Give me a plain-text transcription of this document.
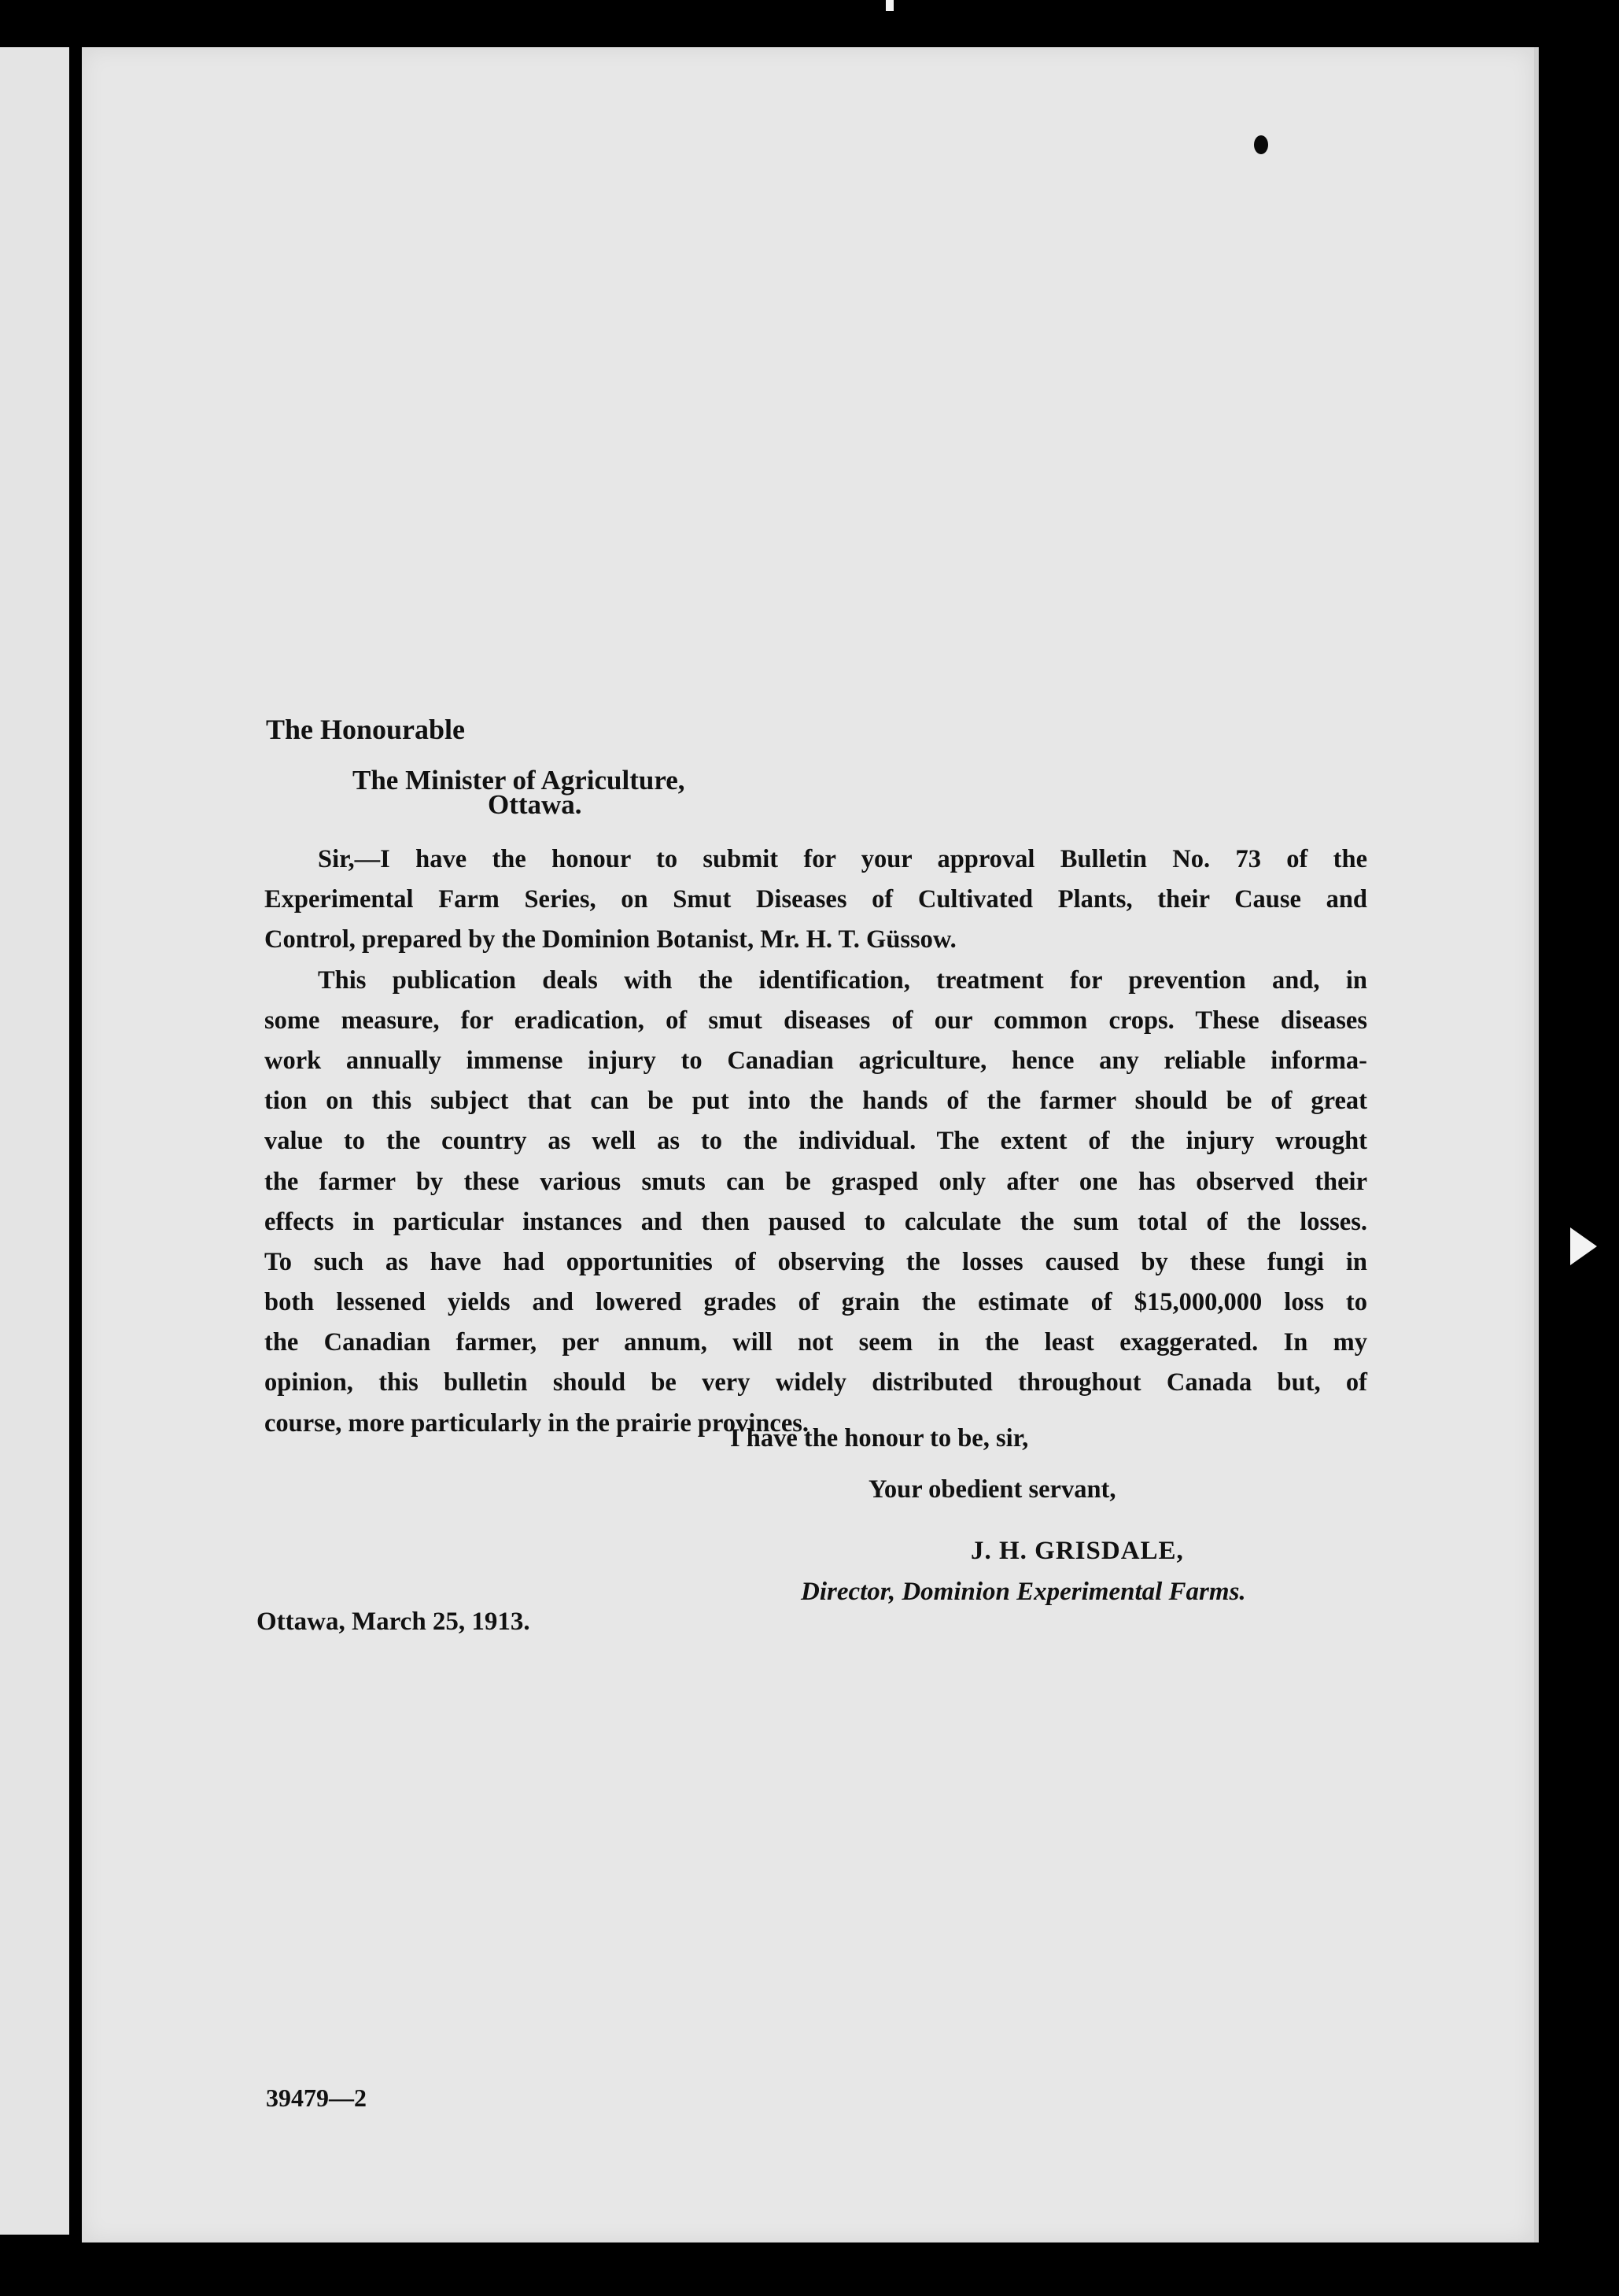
The Honourable
The Minister of Agriculture,
Ottawa.
Sir,—I have the honour to submit for your approval Bulletin No. 73 of the
Experimental Farm Series, on Smut Diseases of Cultivated Plants, their Cause and
Control, prepared by the Dominion Botanist, Mr. H. T. Güssow.
This publication deals with the identification, treatment for prevention and, in
some measure, for eradication, of smut diseases of our common crops. These diseases
work annually immense injury to Canadian agriculture, hence any reliable informa-
tion on this subject that can be put into the hands of the farmer should be of great
value to the country as well as to the individual. The extent of the injury wrought
the farmer by these various smuts can be grasped only after one has observed their
effects in particular instances and then paused to calculate the sum total of the losses.
To such as have had opportunities of observing the losses caused by these fungi in
both lessened yields and lowered grades of grain the estimate of $15,000,000 loss to
the Canadian farmer, per annum, will not seem in the least exaggerated. In my
opinion, this bulletin should be very widely distributed throughout Canada but, of
course, more particularly in the prairie provinces.
I have the honour to be, sir,
Your obedient servant,
J. H. GRISDALE,
Director, Dominion Experimental Farms.
Ottawa, March 25, 1913.
39479—2
